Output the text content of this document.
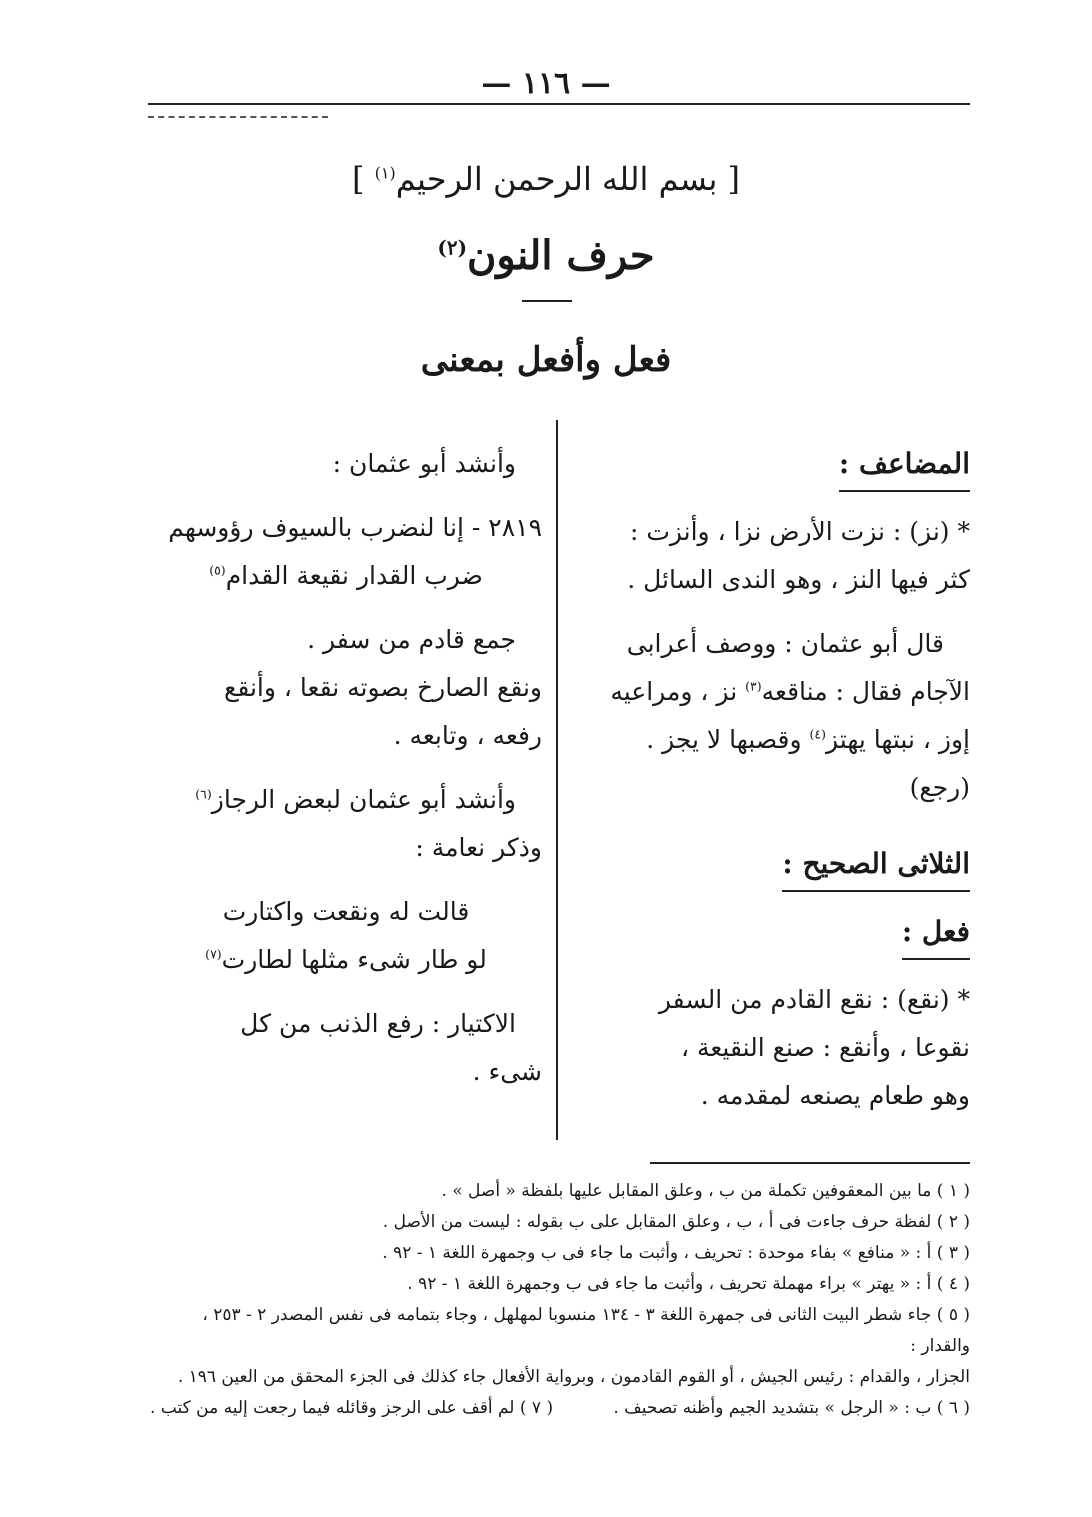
— ١١٦ —
[ بسم الله الرحمن الرحيم$^{(١)}$ ]
حرف النون$^{(٢)}$
فعل وأفعل بمعنى

المضاعف :

* (نز) : نزت الأرض نزا ، وأنزت :

كثر فيها النز ، وهو الندى السائل .

قال أبو عثمان : ووصف أعرابى

الآجام فقال : مناقعه$^{(٣)}$ نز ، ومراعيه

إوز ، نبتها يهتز$^{(٤)}$ وقصبها لا يجز .

(رجع)

الثلاثى الصحيح :

فعل :

* (نقع) : نقع القادم من السفر

نقوعا ، وأنقع : صنع النقيعة ،

وهو طعام يصنعه لمقدمه .

وأنشد أبو عثمان :

٢٨١٩ - إنا لنضرب بالسيوف رؤوسهم

ضرب القدار نقيعة القدام$^{(٥)}$

جمع قادم من سفر .

ونقع الصارخ بصوته نقعا ، وأنقع

رفعه ، وتابعه .

وأنشد أبو عثمان لبعض الرجاز$^{(٦)}$

وذكر نعامة :

قالت له ونقعت واكتارت

لو طار شىء مثلها لطارت$^{(٧)}$

الاكتيار : رفع الذنب من كل

شىء .

( ١ ) ما بين المعقوفين تكملة من ب ، وعلق المقابل عليها بلفظة « أصل » .

( ٢ ) لفظة حرف جاءت فى أ ، ب ، وعلق المقابل على ب بقوله : ليست من الأصل .

( ٣ ) أ : « منافع » بفاء موحدة : تحريف ، وأثبت ما جاء فى ب وجمهرة اللغة ١ - ٩٢ .

( ٤ ) أ : « يهتر » براء مهملة تحريف ، وأثبت ما جاء فى ب وجمهرة اللغة ١ - ٩٢ .

( ٥ ) جاء شطر البيت الثانى فى جمهرة اللغة ٣ - ١٣٤ منسوبا لمهلهل ، وجاء بتمامه فى نفس المصدر ٢ - ٢٥٣ ، والقدار :

الجزار ، والقدام : رئيس الجيش ، أو القوم القادمون ، وبرواية الأفعال جاء كذلك فى الجزء المحقق من العين ١٩٦ .

( ٦ ) ب : « الرجل » بتشديد الجيم وأظنه تصحيف .
( ٧ ) لم أقف على الرجز وقائله فيما رجعت إليه من كتب .
